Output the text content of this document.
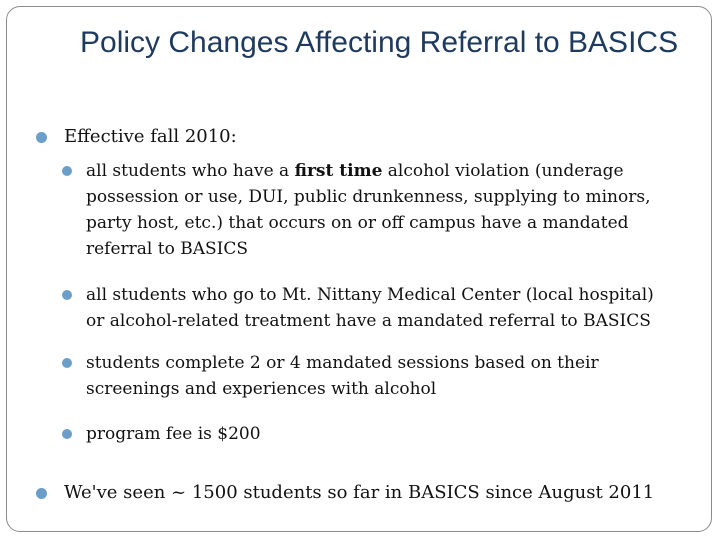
Policy Changes Affecting Referral to BASICS
Effective fall 2010:
all students who have a first time alcohol violation (underage possession or use, DUI, public drunkenness, supplying to minors, party host, etc.) that occurs on or off campus have a mandated referral to BASICS
all students who go to Mt. Nittany Medical Center (local hospital) or alcohol-related treatment have a mandated referral to BASICS
students complete 2 or 4 mandated sessions based on their screenings and experiences with alcohol
program fee is $200
We've seen ~ 1500 students so far in BASICS since August 2011
